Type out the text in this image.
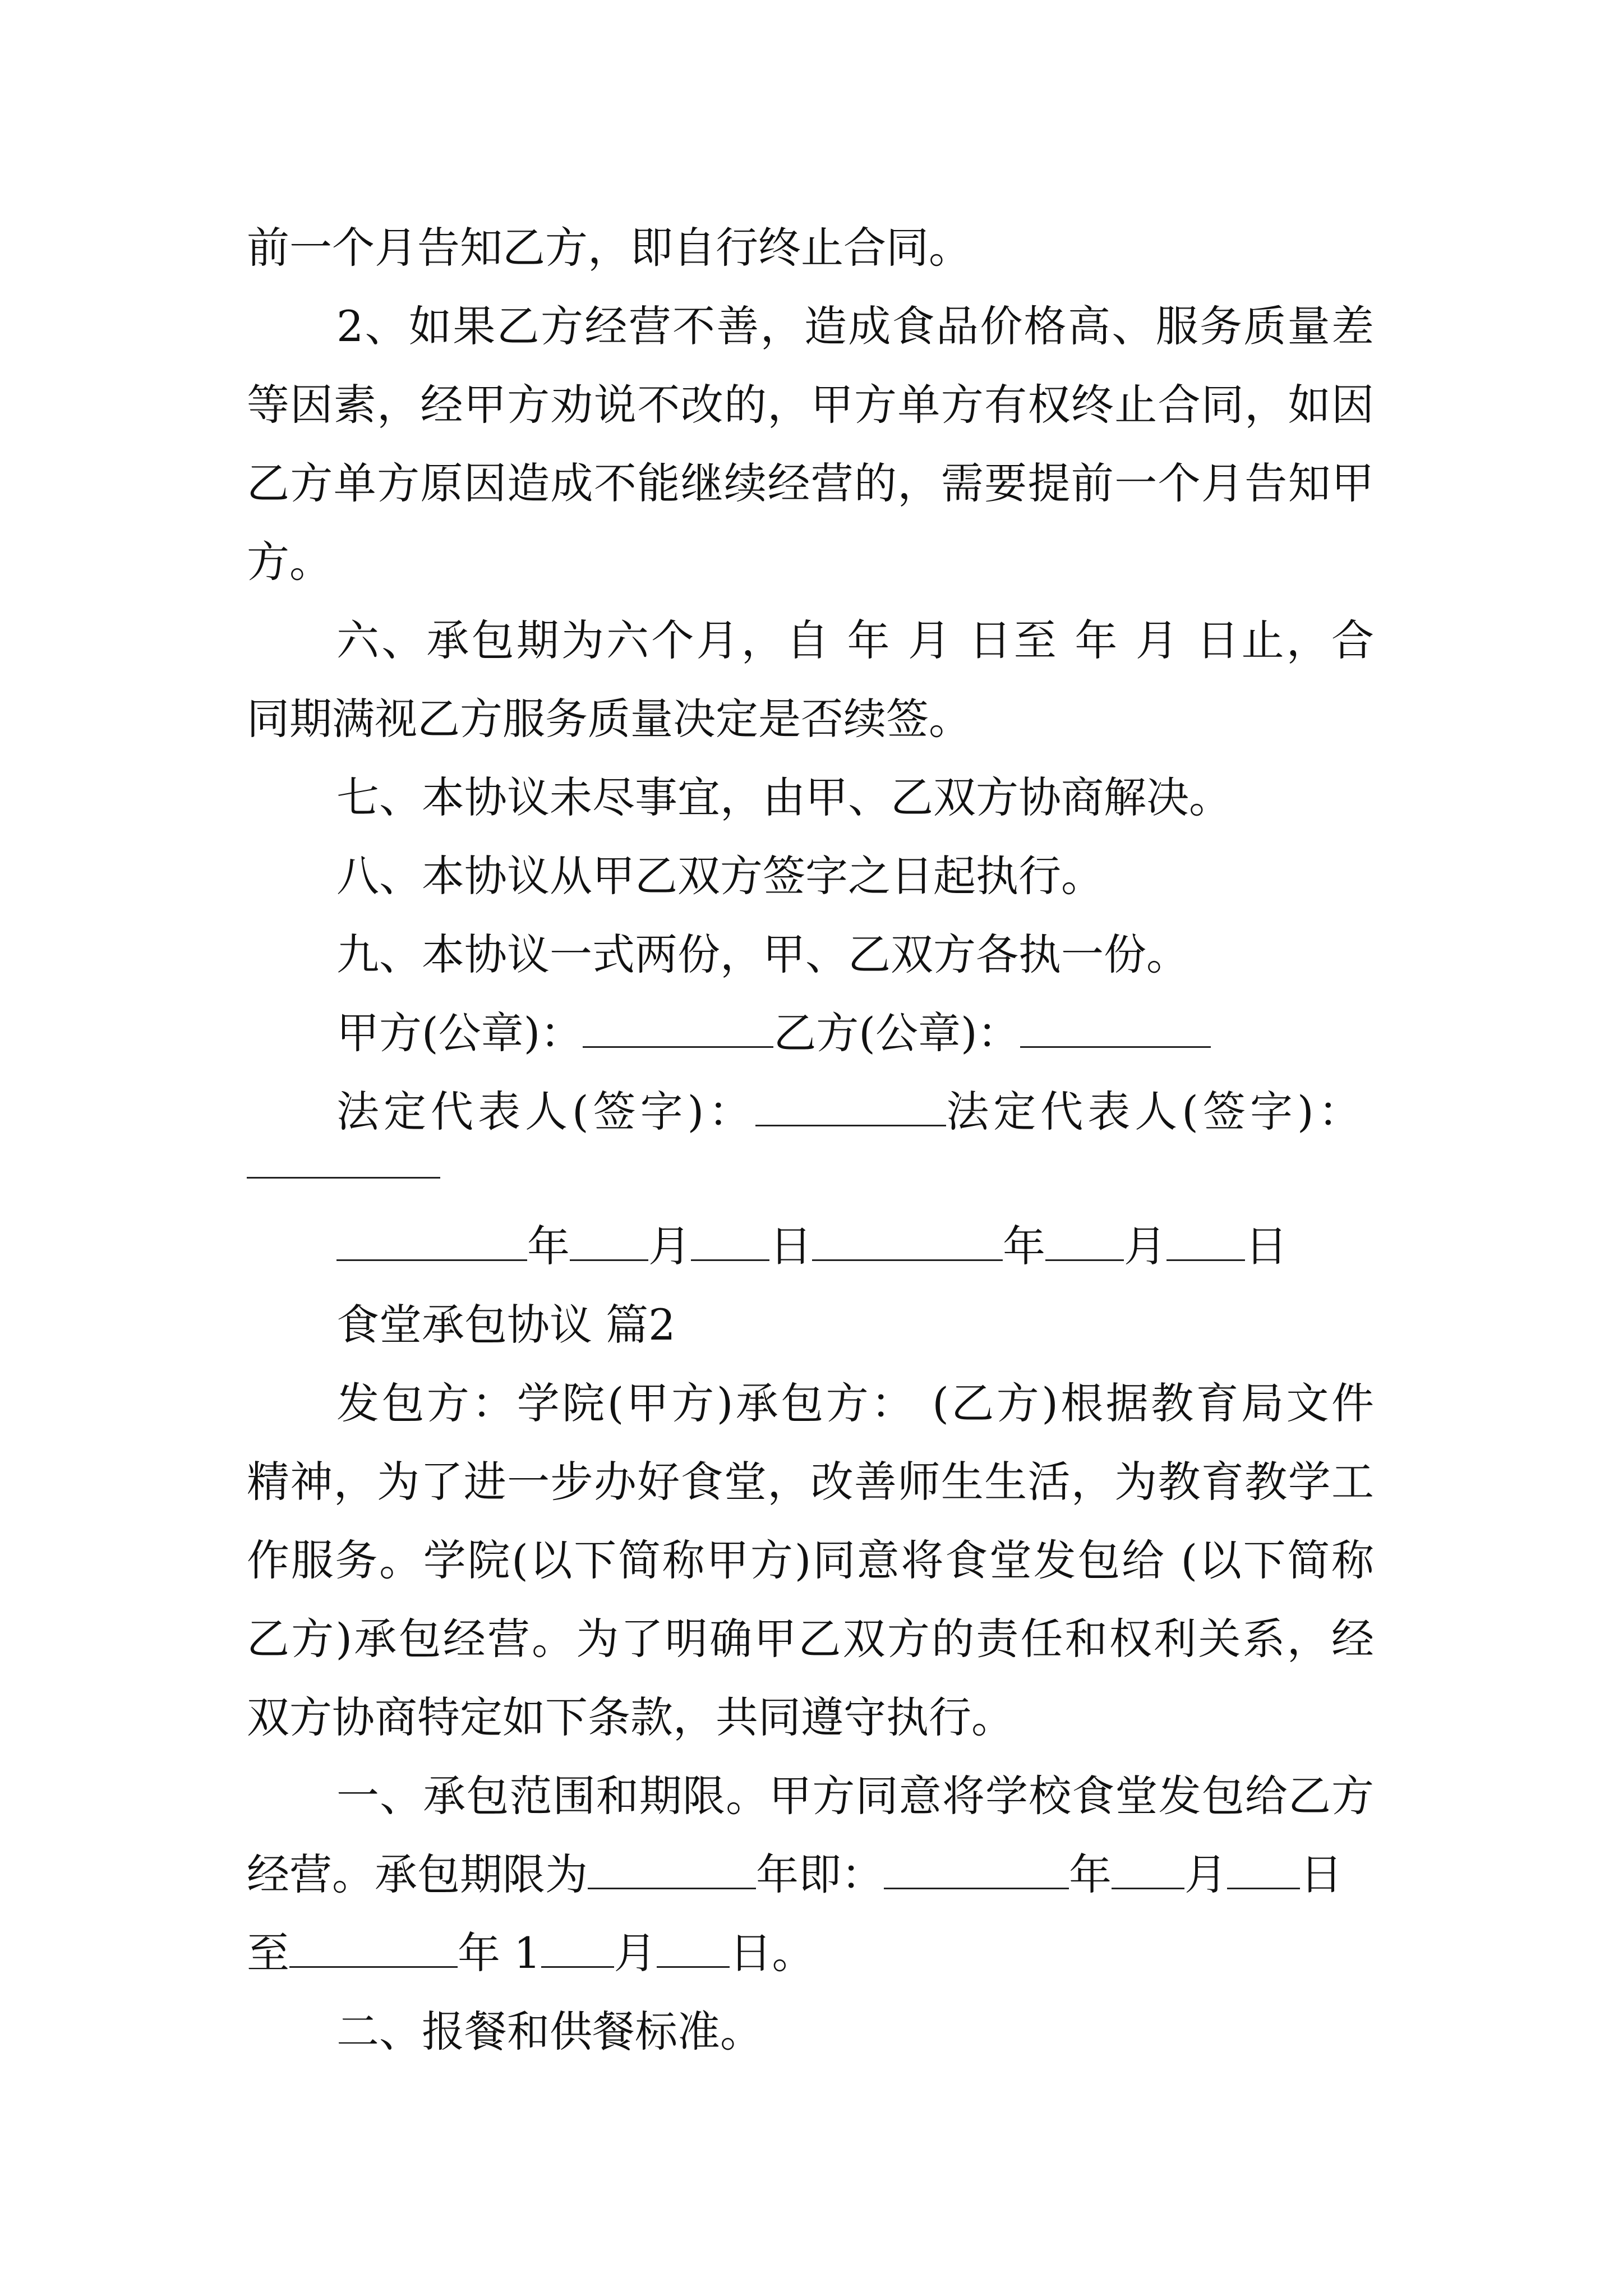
前一个月告知乙方，即自行终止合同。

2、如果乙方经营不善，造成食品价格高、服务质量差

等因素，经甲方劝说不改的，甲方单方有权终止合同，如因

乙方单方原因造成不能继续经营的，需要提前一个月告知甲

方。

六、承包期为六个月，自 年 月 日至 年 月 日止，合

同期满视乙方服务质量决定是否续签。

七、本协议未尽事宜，由甲、乙双方协商解决。

八、本协议从甲乙双方签字之日起执行。

九、本协议一式两份，甲、乙双方各执一份。

甲方(公章)：	乙方(公章)：

法定代表人(签字)：	法定代表人(签字)：

年 月 日	年 月 日

食堂承包协议 篇2

发包方：学院(甲方)承包方： (乙方)根据教育局文件

精神，为了进一步办好食堂，改善师生生活，为教育教学工

作服务。学院(以下简称甲方)同意将食堂发包给 (以下简称

乙方)承包经营。为了明确甲乙双方的责任和权利关系，经

双方协商特定如下条款，共同遵守执行。

一、承包范围和期限。甲方同意将学校食堂发包给乙方

经营。承包期限为	年即：	年 月 日

至	年 1 月 日。

二、报餐和供餐标准。
